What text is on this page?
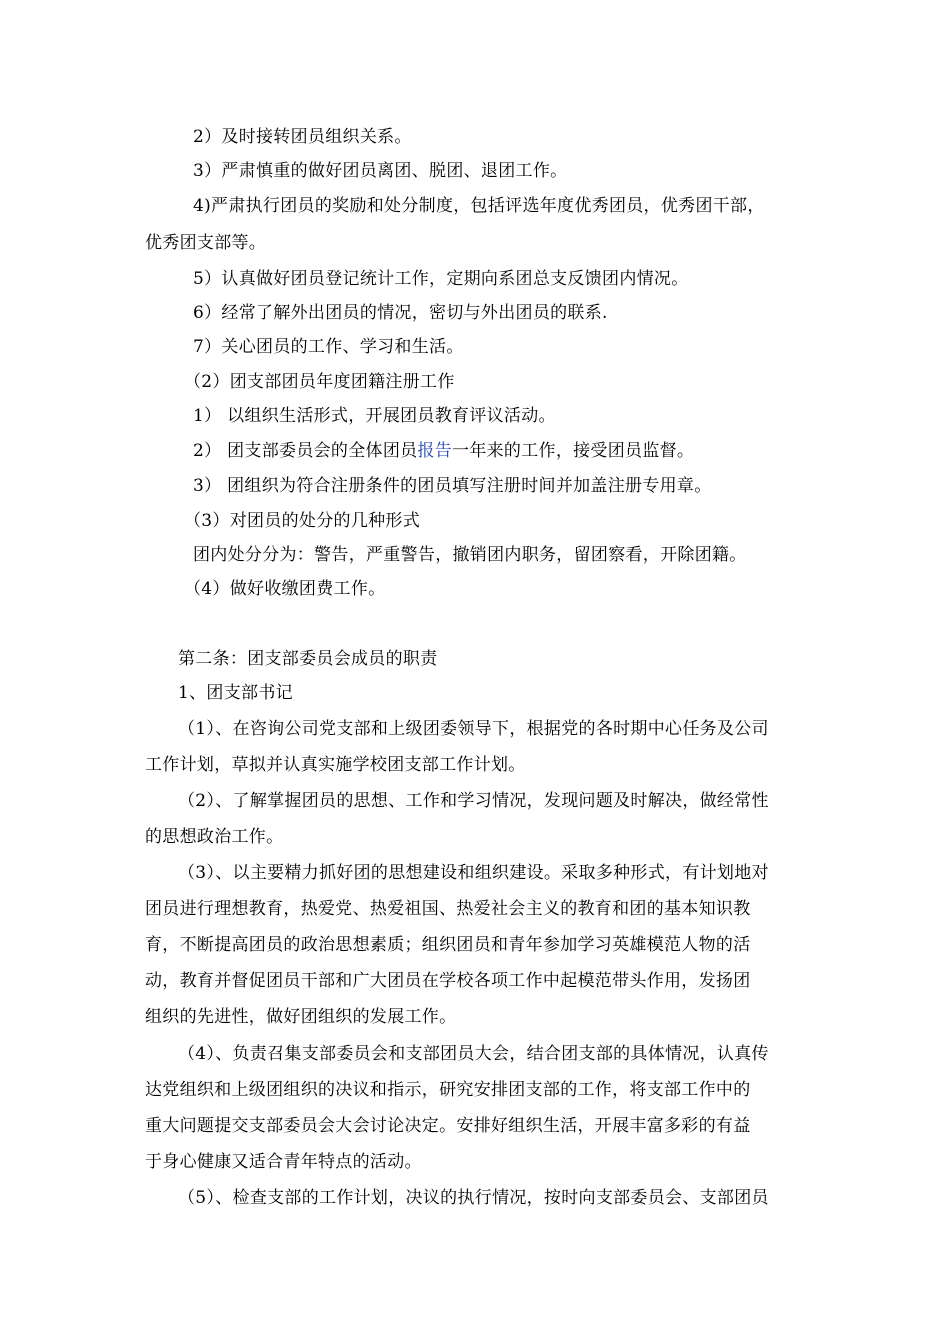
2）及时接转团员组织关系。
3）严肃慎重的做好团员离团、脱团、退团工作。
4)严肃执行团员的奖励和处分制度，包括评选年度优秀团员，优秀团干部，
优秀团支部等。
5）认真做好团员登记统计工作，定期向系团总支反馈团内情况。
6）经常了解外出团员的情况，密切与外出团员的联系.
7）关心团员的工作、学习和生活。
（2）团支部团员年度团籍注册工作
1） 以组织生活形式，开展团员教育评议活动。
2） 团支部委员会的全体团员报告一年来的工作，接受团员监督。
3） 团组织为符合注册条件的团员填写注册时间并加盖注册专用章。
（3）对团员的处分的几种形式
团内处分分为：警告，严重警告，撤销团内职务，留团察看，开除团籍。
（4）做好收缴团费工作。
第二条：团支部委员会成员的职责
1、团支部书记
（1）、在咨询公司党支部和上级团委领导下，根据党的各时期中心任务及公司
工作计划，草拟并认真实施学校团支部工作计划。
（2）、了解掌握团员的思想、工作和学习情况，发现问题及时解决，做经常性
的思想政治工作。
（3）、以主要精力抓好团的思想建设和组织建设。采取多种形式，有计划地对
团员进行理想教育，热爱党、热爱祖国、热爱社会主义的教育和团的基本知识教
育，不断提高团员的政治思想素质；组织团员和青年参加学习英雄模范人物的活
动，教育并督促团员干部和广大团员在学校各项工作中起模范带头作用，发扬团
组织的先进性，做好团组织的发展工作。
（4）、负责召集支部委员会和支部团员大会，结合团支部的具体情况，认真传
达党组织和上级团组织的决议和指示，研究安排团支部的工作，将支部工作中的
重大问题提交支部委员会大会讨论决定。安排好组织生活，开展丰富多彩的有益
于身心健康又适合青年特点的活动。
（5）、检查支部的工作计划，决议的执行情况，按时向支部委员会、支部团员
